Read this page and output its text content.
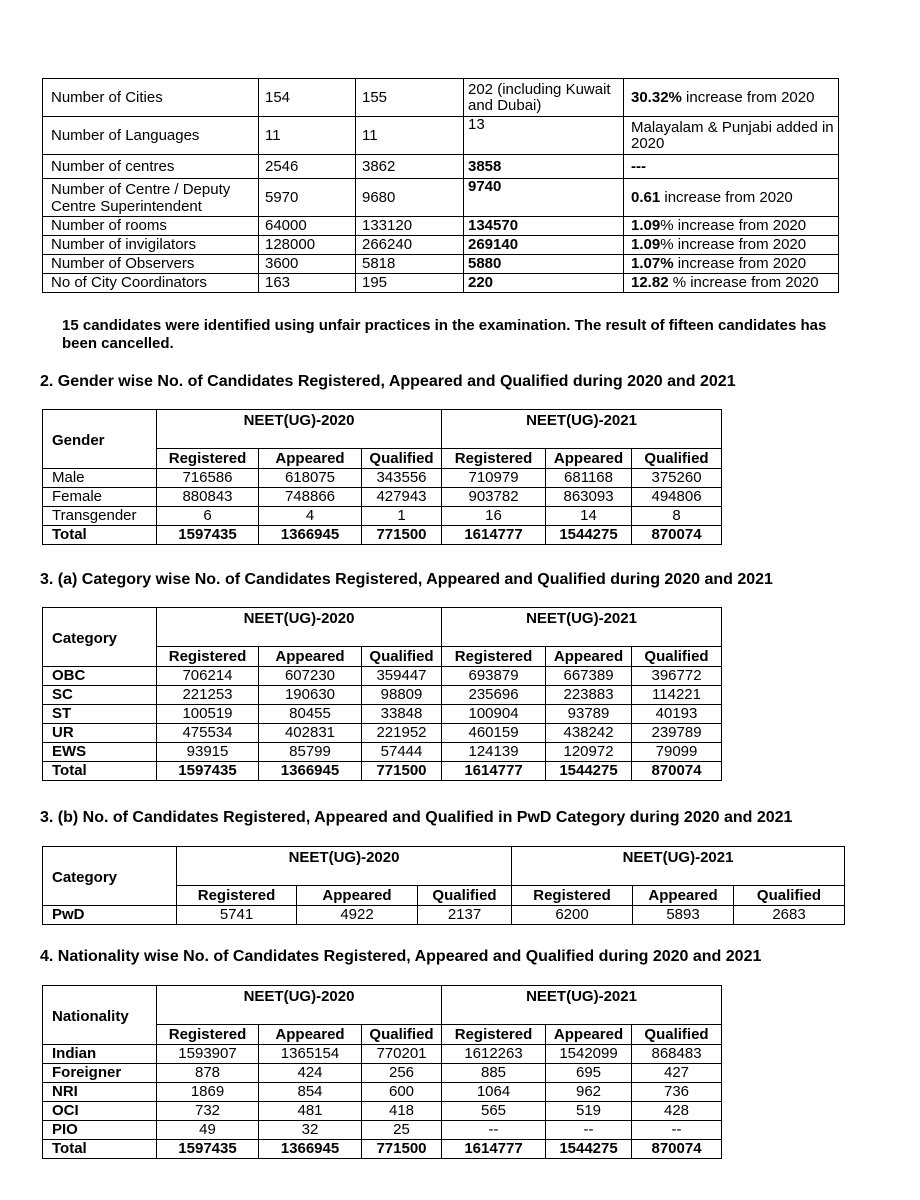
Number of Cities	154	155	202 (including Kuwait and Dubai)	30.32% increase from 2020
Number of Languages	11	11	13	Malayalam & Punjabi added in 2020
Number of centres	2546	3862	3858	---
Number of Centre / Deputy Centre Superintendent	5970	9680	9740	0.61 increase from 2020
Number of rooms	64000	133120	134570	1.09% increase from 2020
Number of invigilators	128000	266240	269140	1.09% increase from 2020
Number of Observers	3600	5818	5880	1.07% increase from 2020
No of City Coordinators	163	195	220	12.82 % increase from 2020
15 candidates were identified using unfair practices in the examination. The result of fifteen candidates has been cancelled.
2. Gender wise No. of Candidates Registered, Appeared and Qualified during 2020 and 2021
Gender	NEET(UG)-2020			NEET(UG)-2021		
	Registered	Appeared	Qualified	Registered	Appeared	Qualified
Male	716586	618075	343556	710979	681168	375260
Female	880843	748866	427943	903782	863093	494806
Transgender	6	4	1	16	14	8
Total	1597435	1366945	771500	1614777	1544275	870074
3. (a) Category wise No. of Candidates Registered, Appeared and Qualified during 2020 and 2021
Category	NEET(UG)-2020			NEET(UG)-2021		
	Registered	Appeared	Qualified	Registered	Appeared	Qualified
OBC	706214	607230	359447	693879	667389	396772
SC	221253	190630	98809	235696	223883	114221
ST	100519	80455	33848	100904	93789	40193
UR	475534	402831	221952	460159	438242	239789
EWS	93915	85799	57444	124139	120972	79099
Total	1597435	1366945	771500	1614777	1544275	870074
3. (b) No. of Candidates Registered, Appeared and Qualified in PwD Category during 2020 and 2021
Category	NEET(UG)-2020			NEET(UG)-2021		
	Registered	Appeared	Qualified	Registered	Appeared	Qualified
PwD	5741	4922	2137	6200	5893	2683
4. Nationality wise No. of Candidates Registered, Appeared and Qualified during 2020 and 2021
Nationality	NEET(UG)-2020			NEET(UG)-2021		
	Registered	Appeared	Qualified	Registered	Appeared	Qualified
Indian	1593907	1365154	770201	1612263	1542099	868483
Foreigner	878	424	256	885	695	427
NRI	1869	854	600	1064	962	736
OCI	732	481	418	565	519	428
PIO	49	32	25	--	--	--
Total	1597435	1366945	771500	1614777	1544275	870074
